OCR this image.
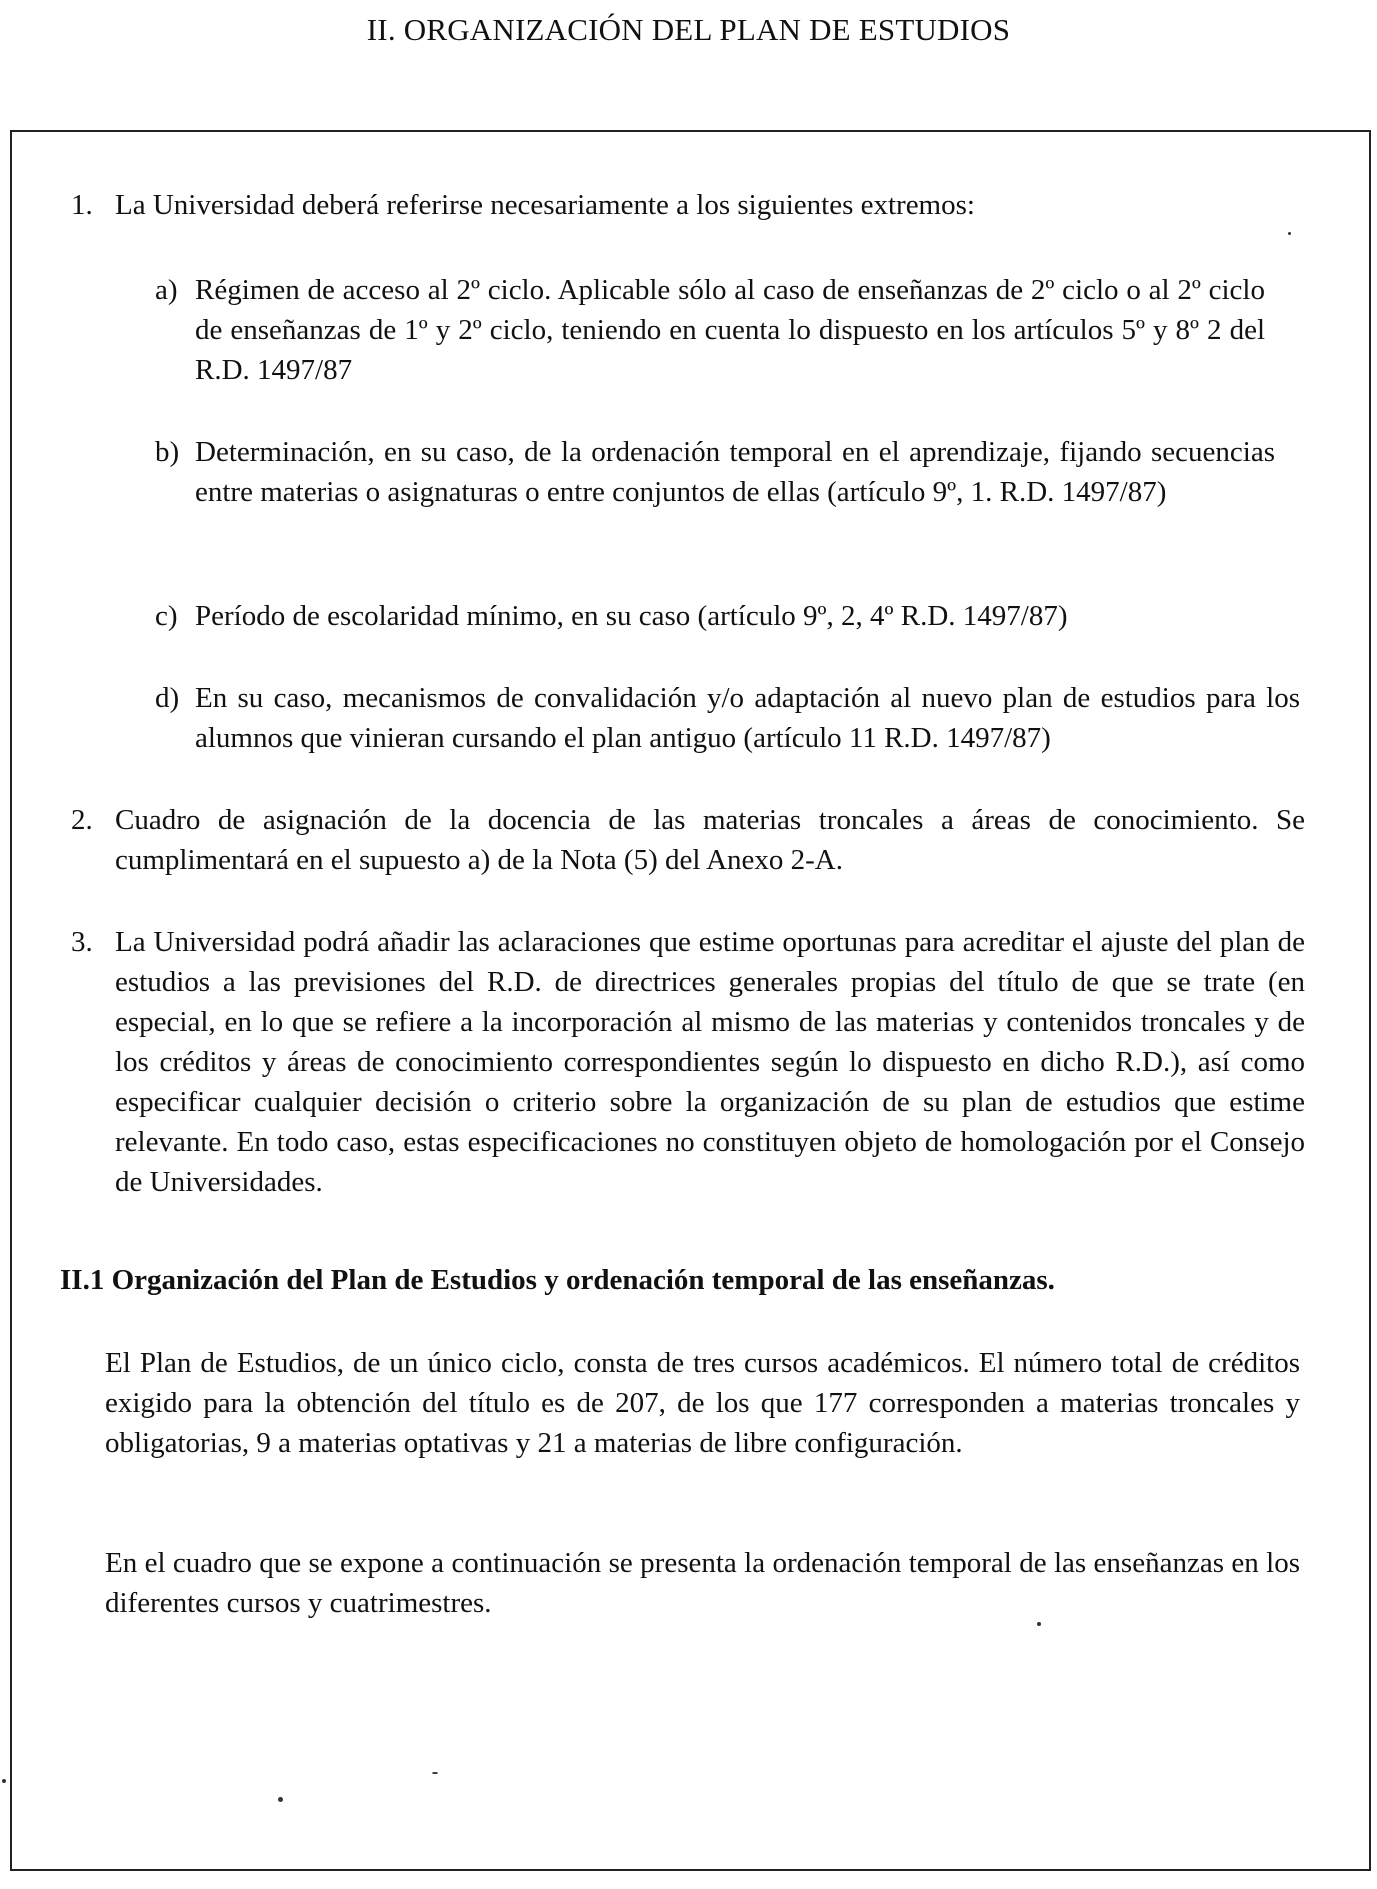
II. ORGANIZACIÓN DEL PLAN DE ESTUDIOS
1. La Universidad deberá referirse necesariamente a los siguientes extremos:
a) Régimen de acceso al 2º ciclo. Aplicable sólo al caso de enseñanzas de 2º ciclo o al 2º ciclo de enseñanzas de 1º y 2º ciclo, teniendo en cuenta lo dispuesto en los artículos 5º y 8º 2 del R.D. 1497/87
b) Determinación, en su caso, de la ordenación temporal en el aprendizaje, fijando secuencias entre materias o asignaturas o entre conjuntos de ellas (artículo 9º, 1. R.D. 1497/87)
c) Período de escolaridad mínimo, en su caso (artículo 9º, 2, 4º R.D. 1497/87)
d) En su caso, mecanismos de convalidación y/o adaptación al nuevo plan de estudios para los alumnos que vinieran cursando el plan antiguo (artículo 11 R.D. 1497/87)
2. Cuadro de asignación de la docencia de las materias troncales a áreas de conocimiento. Se cumplimentará en el supuesto a) de la Nota (5) del Anexo 2-A.
3. La Universidad podrá añadir las aclaraciones que estime oportunas para acreditar el ajuste del plan de estudios a las previsiones del R.D. de directrices generales propias del título de que se trate (en especial, en lo que se refiere a la incorporación al mismo de las materias y contenidos troncales y de los créditos y áreas de conocimiento correspondientes según lo dispuesto en dicho R.D.), así como especificar cualquier decisión o criterio sobre la organización de su plan de estudios que estime relevante. En todo caso, estas especificaciones no constituyen objeto de homologación por el Consejo de Universidades.
II.1 Organización del Plan de Estudios y ordenación temporal de las enseñanzas.
El Plan de Estudios, de un único ciclo, consta de tres cursos académicos. El número total de créditos exigido para la obtención del título es de 207, de los que 177 corresponden a materias troncales y obligatorias, 9 a materias optativas y 21 a materias de libre configuración.
En el cuadro que se expone a continuación se presenta la ordenación temporal de las enseñanzas en los diferentes cursos y cuatrimestres.
